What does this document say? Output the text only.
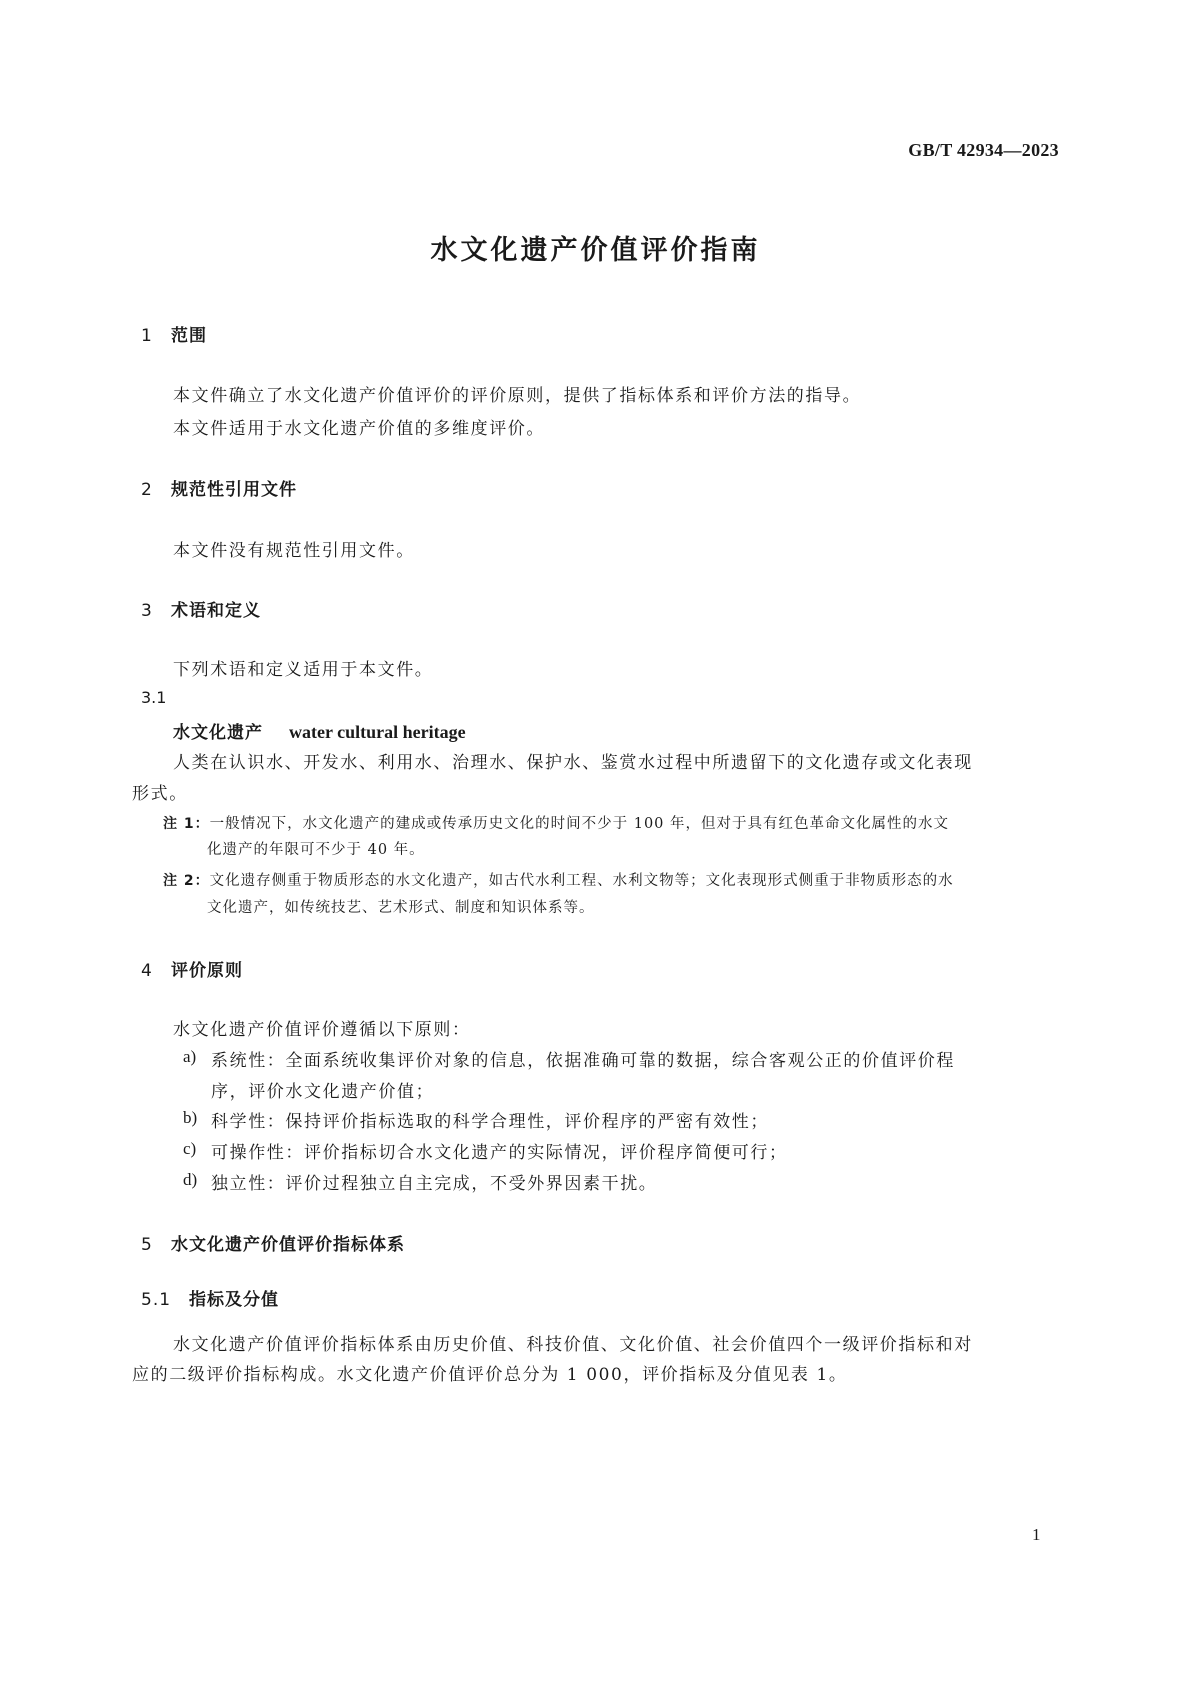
GB/T 42934—2023
水文化遗产价值评价指南
1 范围
本文件确立了水文化遗产价值评价的评价原则，提供了指标体系和评价方法的指导。
本文件适用于水文化遗产价值的多维度评价。
2 规范性引用文件
本文件没有规范性引用文件。
3 术语和定义
下列术语和定义适用于本文件。
3.1
水文化遗产 water cultural heritage
人类在认识水、开发水、利用水、治理水、保护水、鉴赏水过程中所遗留下的文化遗存或文化表现
形式。
注 1：一般情况下，水文化遗产的建成或传承历史文化的时间不少于 100 年，但对于具有红色革命文化属性的水文
化遗产的年限可不少于 40 年。
注 2：文化遗存侧重于物质形态的水文化遗产，如古代水利工程、水利文物等；文化表现形式侧重于非物质形态的水
文化遗产，如传统技艺、艺术形式、制度和知识体系等。
4 评价原则
水文化遗产价值评价遵循以下原则：
a) 系统性：全面系统收集评价对象的信息，依据准确可靠的数据，综合客观公正的价值评价程
序，评价水文化遗产价值；
b) 科学性：保持评价指标选取的科学合理性，评价程序的严密有效性；
c) 可操作性：评价指标切合水文化遗产的实际情况，评价程序简便可行；
d) 独立性：评价过程独立自主完成，不受外界因素干扰。
5 水文化遗产价值评价指标体系
5.1 指标及分值
水文化遗产价值评价指标体系由历史价值、科技价值、文化价值、社会价值四个一级评价指标和对
应的二级评价指标构成。水文化遗产价值评价总分为 1 000，评价指标及分值见表 1。
1
